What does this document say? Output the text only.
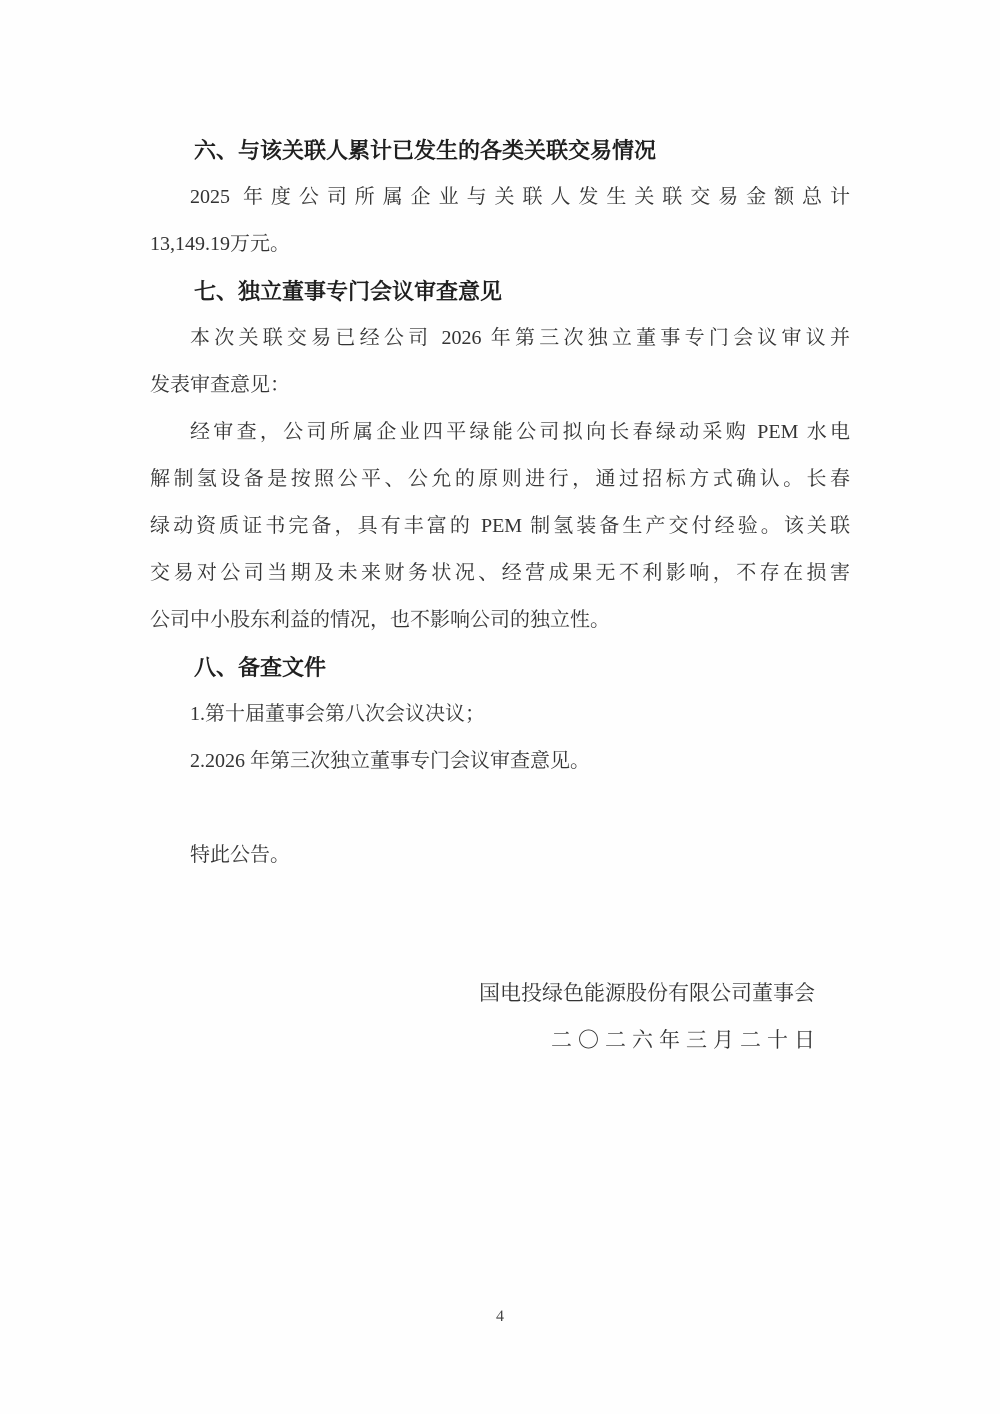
六、与该关联人累计已发生的各类关联交易情况
2025 年度公司所属企业与关联人发生关联交易金额总计
13,149.19万元。
七、独立董事专门会议审查意见
本次关联交易已经公司 2026 年第三次独立董事专门会议审议并
发表审查意见：
经审查，公司所属企业四平绿能公司拟向长春绿动采购 PEM 水电
解制氢设备是按照公平、公允的原则进行，通过招标方式确认。长春
绿动资质证书完备，具有丰富的 PEM 制氢装备生产交付经验。该关联
交易对公司当期及未来财务状况、经营成果无不利影响，不存在损害
公司中小股东利益的情况，也不影响公司的独立性。
八、备查文件
1.第十届董事会第八次会议决议；
2.2026 年第三次独立董事专门会议审查意见。
特此公告。
国电投绿色能源股份有限公司董事会
二〇二六年三月二十日
4
